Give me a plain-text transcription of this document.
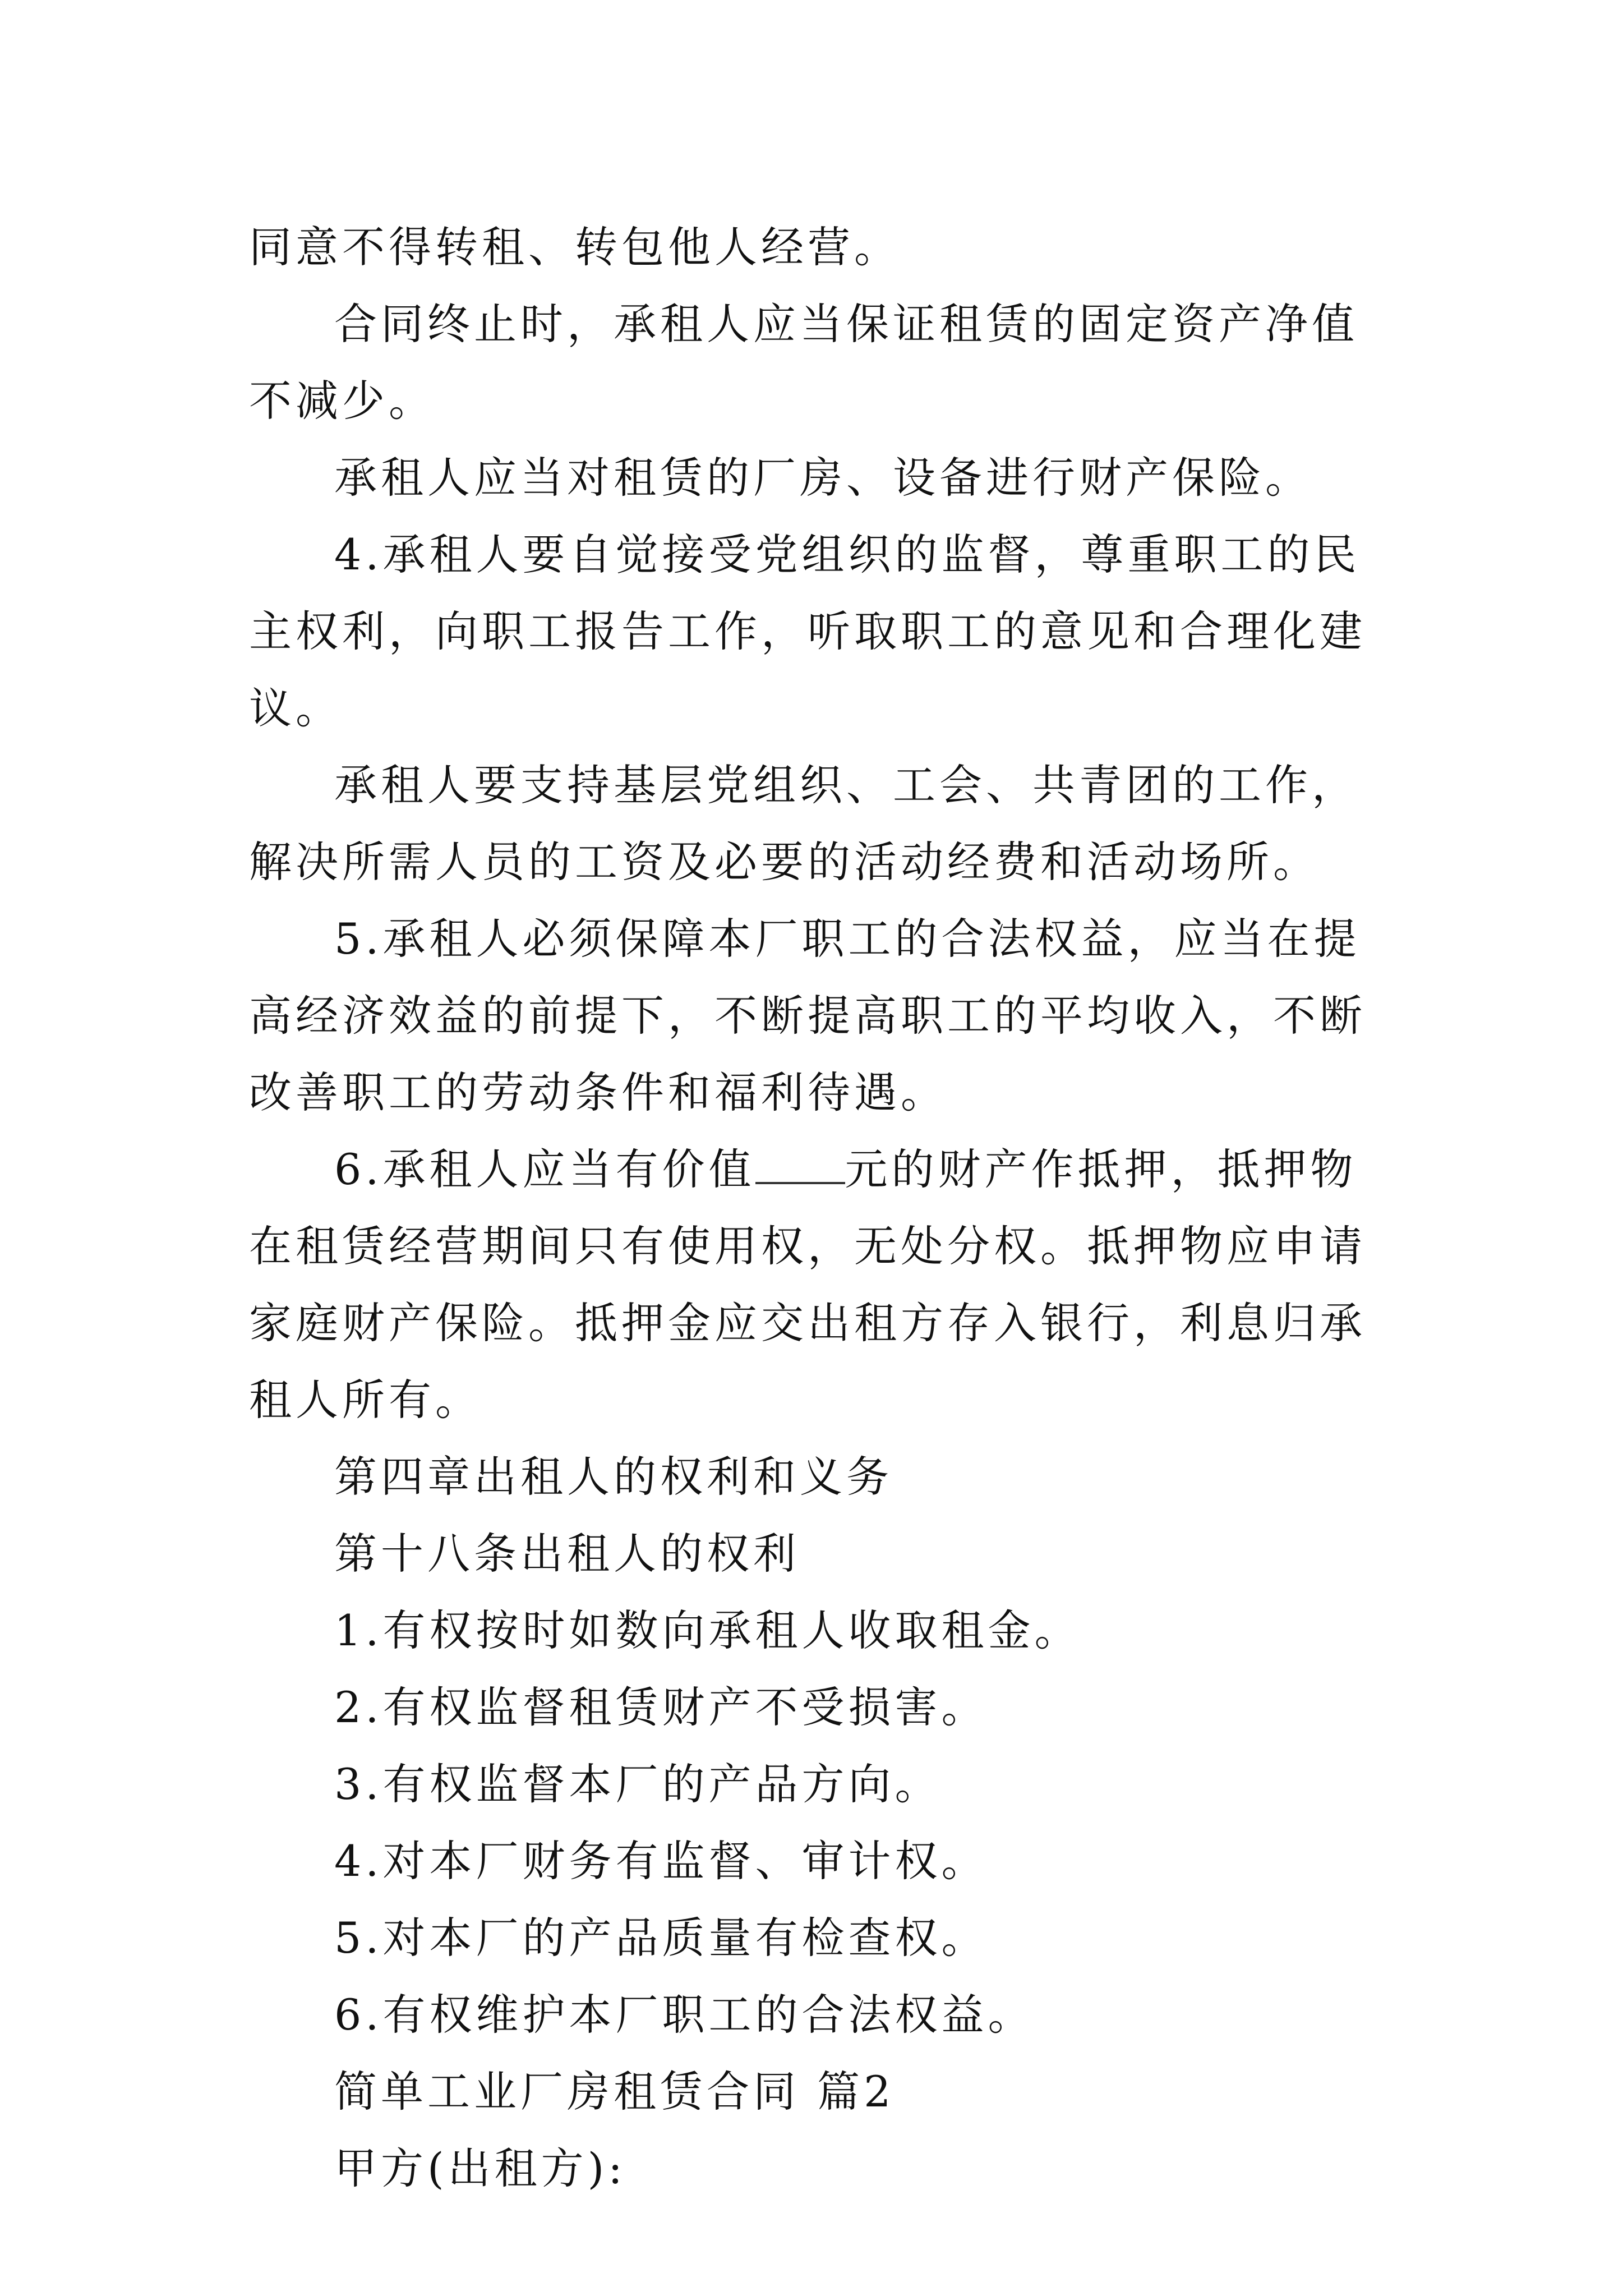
同意不得转租、转包他人经营。

合同终止时，承租人应当保证租赁的固定资产净值不减少。

承租人应当对租赁的厂房、设备进行财产保险。

4.承租人要自觉接受党组织的监督，尊重职工的民主权利，向职工报告工作，听取职工的意见和合理化建议。

承租人要支持基层党组织、工会、共青团的工作，解决所需人员的工资及必要的活动经费和活动场所。

5.承租人必须保障本厂职工的合法权益，应当在提高经济效益的前提下，不断提高职工的平均收入，不断改善职工的劳动条件和福利待遇。

6.承租人应当有价值 元的财产作抵押，抵押物在租赁经营期间只有使用权，无处分权。抵押物应申请家庭财产保险。抵押金应交出租方存入银行，利息归承租人所有。

第四章出租人的权利和义务

第十八条出租人的权利

1.有权按时如数向承租人收取租金。

2.有权监督租赁财产不受损害。

3.有权监督本厂的产品方向。

4.对本厂财务有监督、审计权。

5.对本厂的产品质量有检查权。

6.有权维护本厂职工的合法权益。

简单工业厂房租赁合同 篇2

甲方(出租方):
